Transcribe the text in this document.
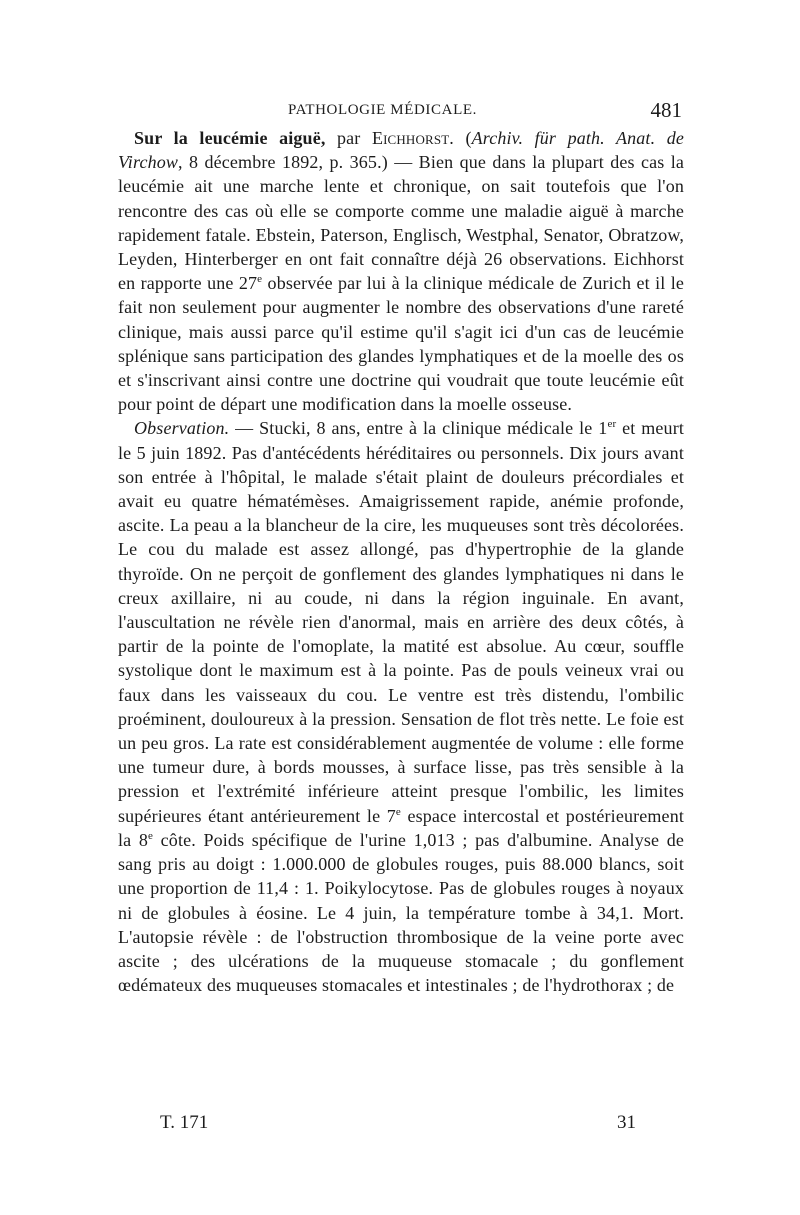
PATHOLOGIE MÉDICALE.	481

Sur la leucémie aiguë, par Eichhorst. (Archiv. für path. Anat. de Virchow, 8 décembre 1892, p. 365.) — Bien que dans la plupart des cas la leucémie ait une marche lente et chronique, on sait toutefois que l'on rencontre des cas où elle se comporte comme une maladie aiguë à marche rapidement fatale. Ebstein, Paterson, Englisch, Westphal, Senator, Obratzow, Leyden, Hinterberger en ont fait connaître déjà 26 observations. Eichhorst en rapporte une 27e observée par lui à la clinique médicale de Zurich et il le fait non seulement pour augmenter le nombre des observations d'une rareté clinique, mais aussi parce qu'il estime qu'il s'agit ici d'un cas de leucémie splénique sans participation des glandes lymphatiques et de la moelle des os et s'inscrivant ainsi contre une doctrine qui voudrait que toute leucémie eût pour point de départ une modification dans la moelle osseuse.

Observation. — Stucki, 8 ans, entre à la clinique médicale le 1er et meurt le 5 juin 1892. Pas d'antécédents héréditaires ou personnels. Dix jours avant son entrée à l'hôpital, le malade s'était plaint de douleurs précordiales et avait eu quatre hématémèses. Amaigrissement rapide, anémie profonde, ascite. La peau a la blancheur de la cire, les muqueuses sont très décolorées. Le cou du malade est assez allongé, pas d'hypertrophie de la glande thyroïde. On ne perçoit de gonflement des glandes lymphatiques ni dans le creux axillaire, ni au coude, ni dans la région inguinale. En avant, l'auscultation ne révèle rien d'anormal, mais en arrière des deux côtés, à partir de la pointe de l'omoplate, la matité est absolue. Au cœur, souffle systolique dont le maximum est à la pointe. Pas de pouls veineux vrai ou faux dans les vaisseaux du cou. Le ventre est très distendu, l'ombilic proéminent, douloureux à la pression. Sensation de flot très nette. Le foie est un peu gros. La rate est considérablement augmentée de volume : elle forme une tumeur dure, à bords mousses, à surface lisse, pas très sensible à la pression et l'extrémité inférieure atteint presque l'ombilic, les limites supérieures étant antérieurement le 7e espace intercostal et postérieurement la 8e côte. Poids spécifique de l'urine 1,013 ; pas d'albumine. Analyse de sang pris au doigt : 1.000.000 de globules rouges, puis 88.000 blancs, soit une proportion de 11,4 : 1. Poikylocytose. Pas de globules rouges à noyaux ni de globules à éosine. Le 4 juin, la température tombe à 34,1. Mort. L'autopsie révèle : de l'obstruction thrombosique de la veine porte avec ascite ; des ulcérations de la muqueuse stomacale ; du gonflement œdémateux des muqueuses stomacales et intestinales ; de l'hydrothorax ; de

T. 171	31
